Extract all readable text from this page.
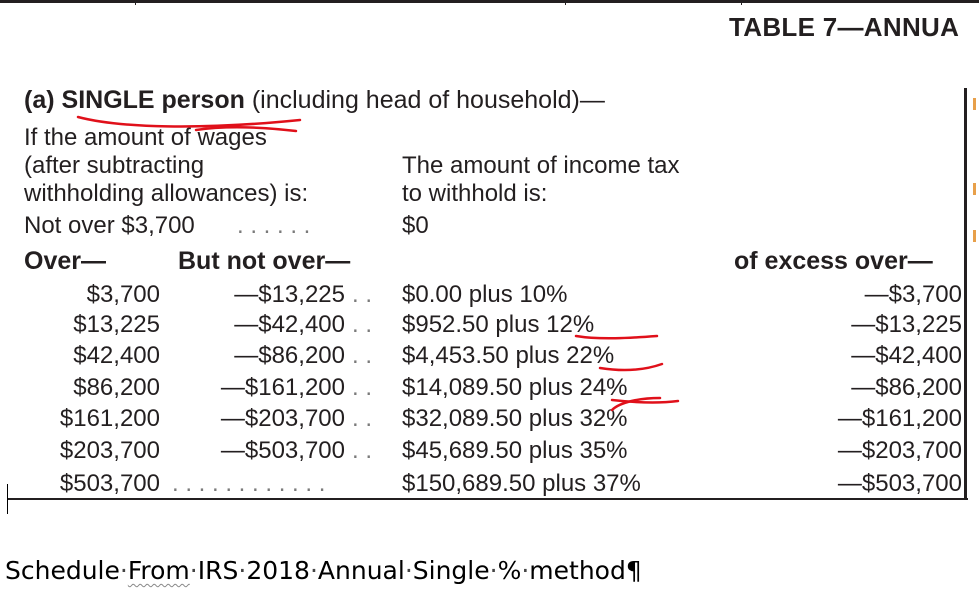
TABLE 7—ANNUA
(a) SINGLE person (including head of household)—
If the amount of wages
(after subtracting
withholding allowances) is:
The amount of income tax
to withhold is:
Not over $3,700 . . . . . .	$0
Over—	But not over—	of excess over—
$3,700	—$13,225 . . $0.00 plus 10%	—$3,700
$13,225	—$42,400 . . $952.50 plus 12%	—$13,225
$42,400	—$86,200 . . $4,453.50 plus 22%	—$42,400
$86,200	—$161,200 . . $14,089.50 plus 24%	—$86,200
$161,200	—$203,700 . . $32,089.50 plus 32%	—$161,200
$203,700	—$503,700 . . $45,689.50 plus 35%	—$203,700
$503,700 . . . . . . . . . . . .	$150,689.50 plus 37%	—$503,700
Schedule·From·IRS·2018·Annual·Single·%·method¶
